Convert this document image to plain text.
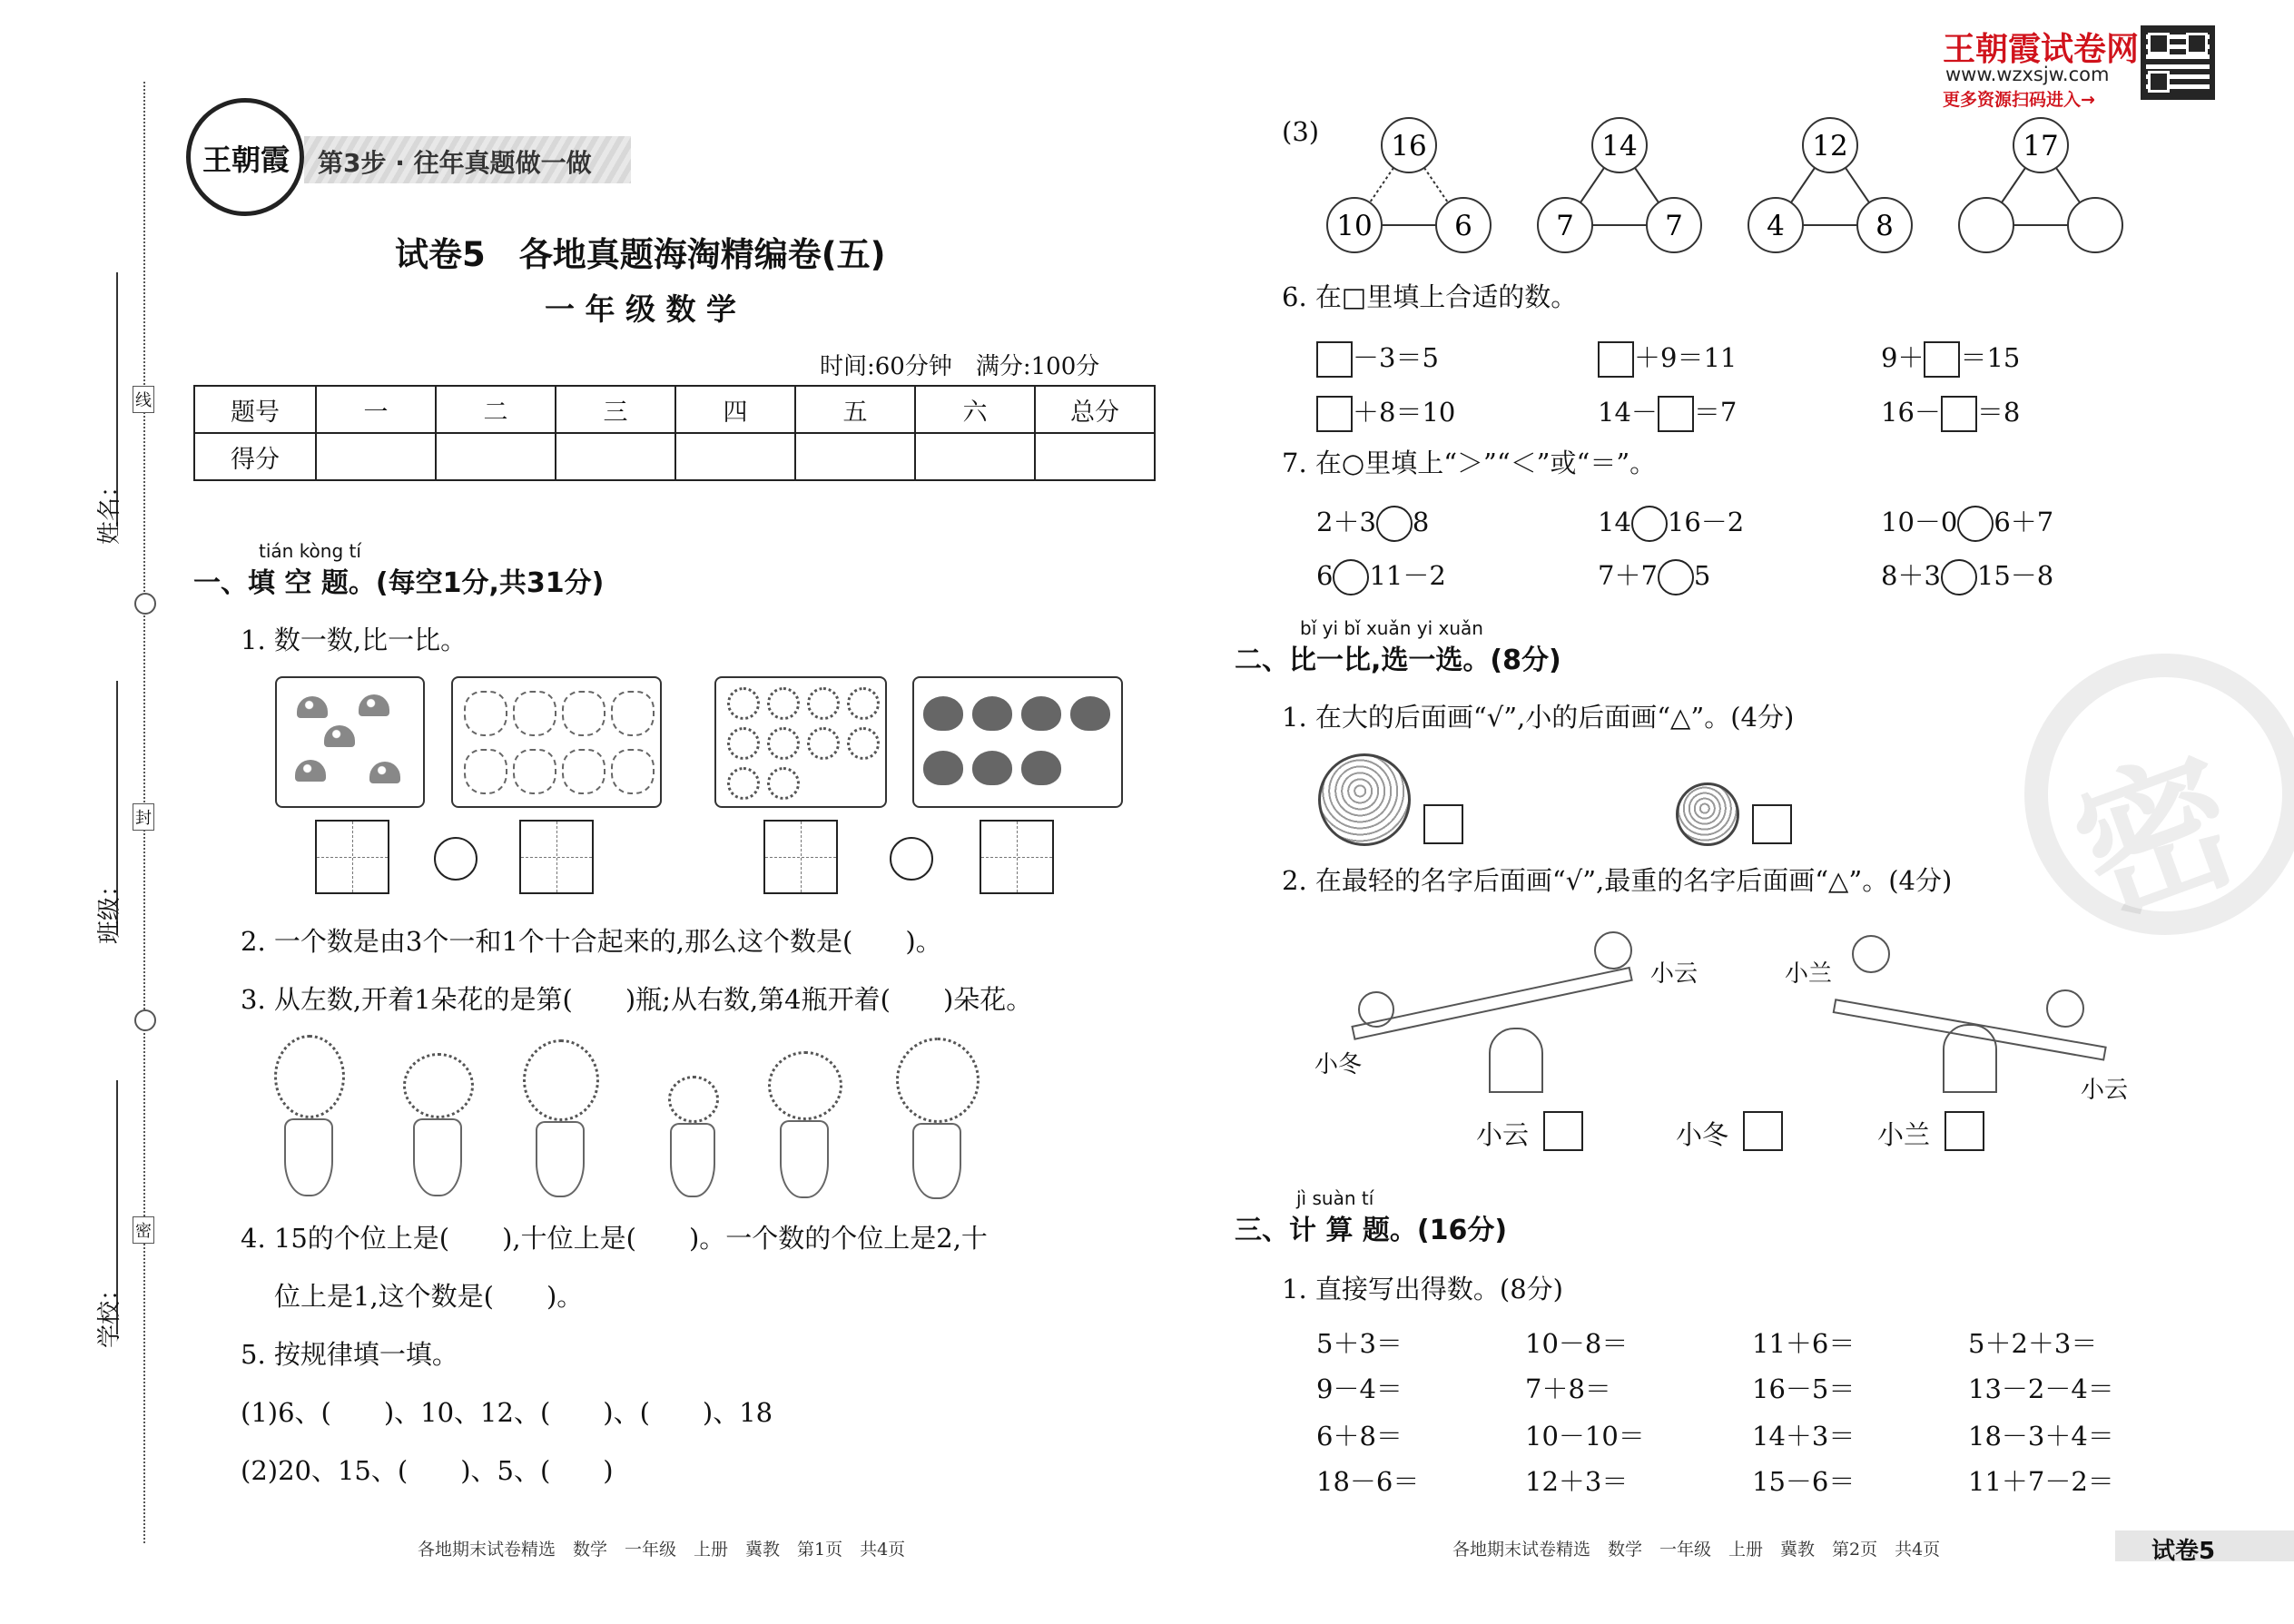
姓名：
班级：
学校：
线
封
密
王朝霞 第3步 · 往年真题做一做
王朝霞试卷网
www.wzxsjw.com
更多资源扫码进入→
试卷5　各地真题海淘精编卷(五)
一 年 级 数 学
时间:60分钟　满分:100分
题号	一	二	三	四	五	六	总分
得分							
tián kòng tí
一、填 空 题。(每空1分,共31分)
1. 数一数,比一比。
2. 一个数是由3个一和1个十合起来的,那么这个数是(　　)。
3. 从左数,开着1朵花的是第(　　)瓶;从右数,第4瓶开着(　　)朵花。
4. 15的个位上是(　　),十位上是(　　)。一个数的个位上是2,十
位上是1,这个数是(　　)。
5. 按规律填一填。
(1)6、(　　)、10、12、(　　)、(　　)、18
(2)20、15、(　　)、5、(　　)
各地期末试卷精选　数学　一年级　上册　冀教　第1页　共4页
(3)	16
10	6
14
7	7
12
4	8
17
6. 在□里填上合适的数。
－3＝5	＋9＝11	9＋ ＝15
＋8＝10	14－ ＝7	16－ ＝8
7. 在○里填上“＞”“＜”或“＝”。
2＋3 8	14 16－2	10－0 6＋7
6 11－2	7＋7 5	8＋3 15－8
bǐ yi bǐ xuǎn yi xuǎn
二、比一比,选一选。(8分)
1. 在大的后面画“√”,小的后面画“△”。(4分)
2. 在最轻的名字后面画“√”,最重的名字后面画“△”。(4分)
小冬
小云	小兰
小云
小云	小冬	小兰
jì suàn tí
三、计 算 题。(16分)
1. 直接写出得数。(8分)
5＋3＝	10－8＝	11＋6＝	5＋2＋3＝
9－4＝	7＋8＝	16－5＝	13－2－4＝
6＋8＝	10－10＝	14＋3＝	18－3＋4＝
18－6＝	12＋3＝	15－6＝	11＋7－2＝
各地期末试卷精选　数学　一年级　上册　冀教　第2页　共4页	试卷5
密
